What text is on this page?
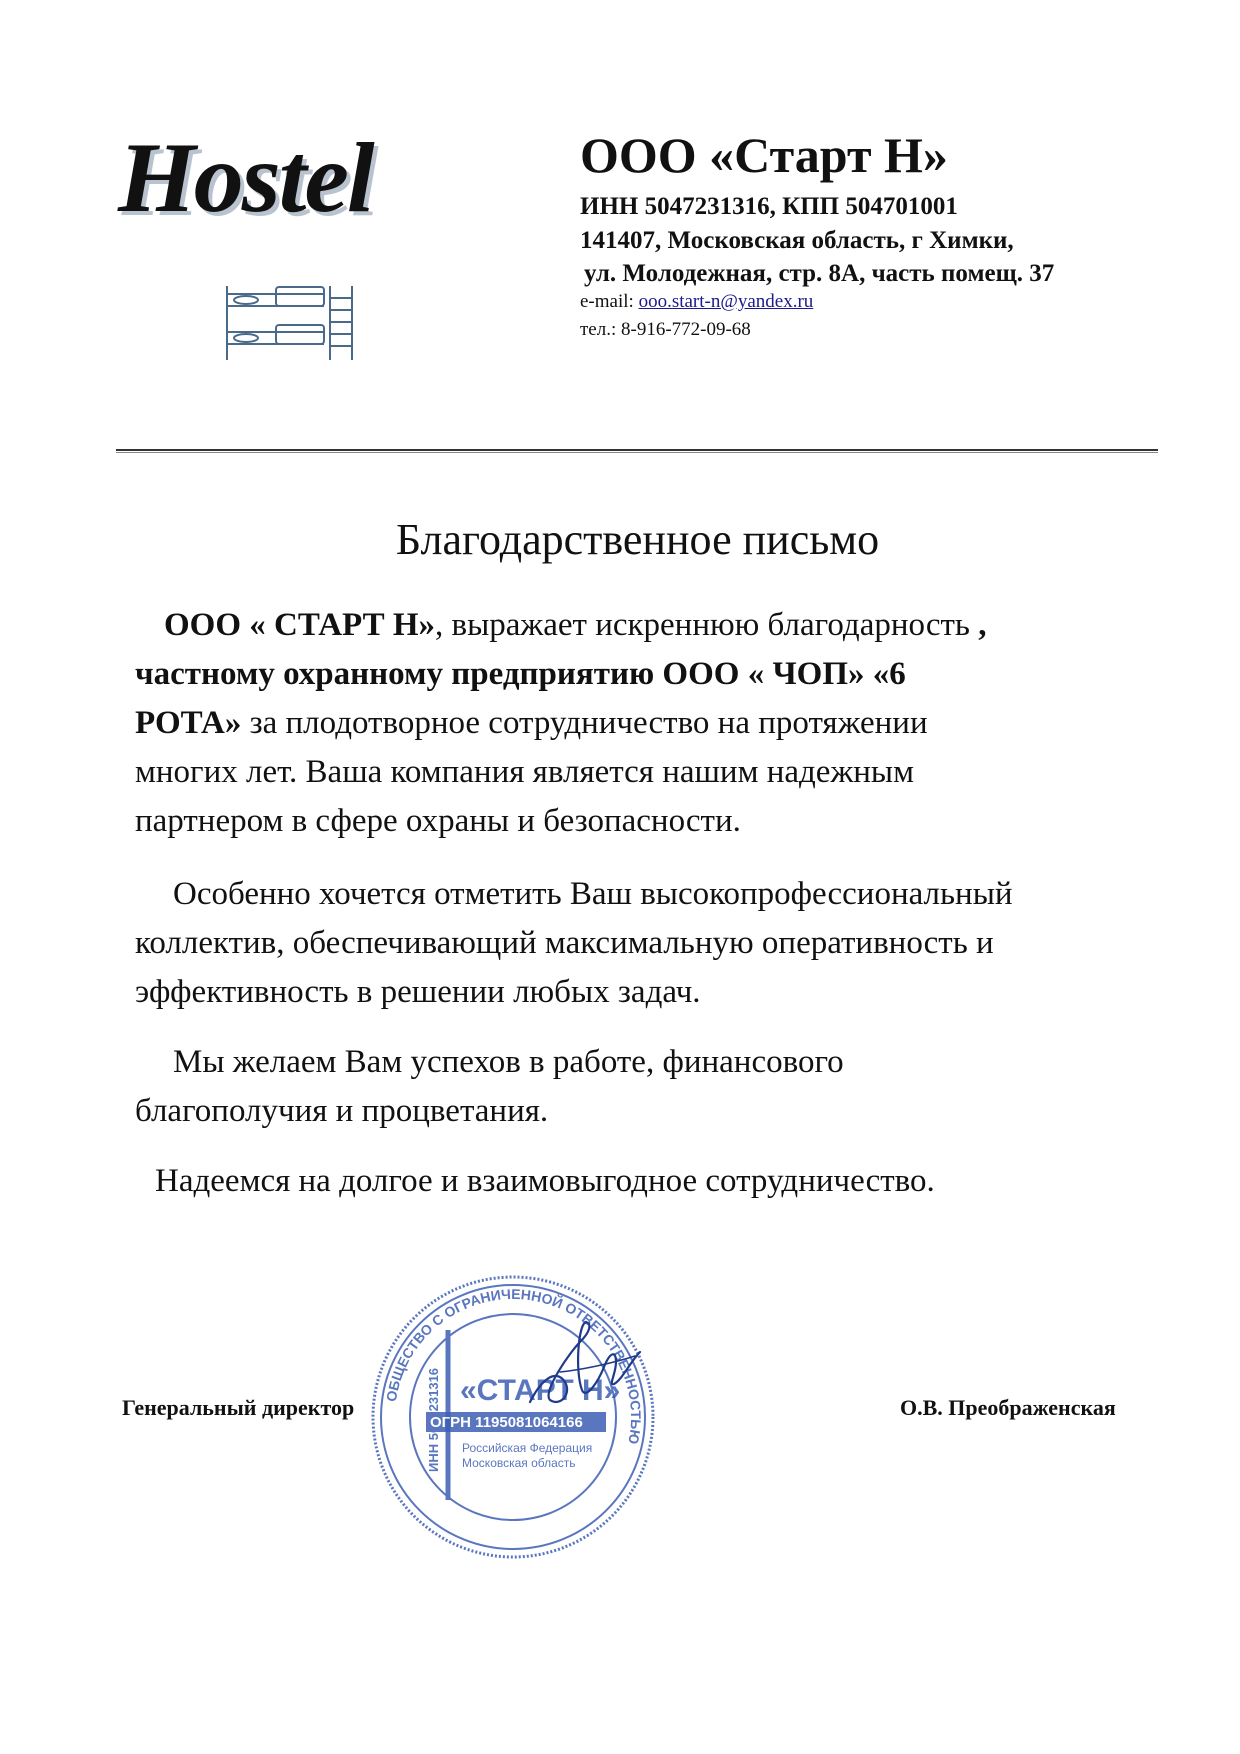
Hostel	ООО «Старт Н»
ИНН 5047231316, КПП 504701001
141407, Московская область, г Химки,
ул. Молодежная, стр. 8А, часть помещ. 37
e-mail: ooo.start-n@yandex.ru
тел.: 8-916-772-09-68
Благодарственное письмо
ООО « СТАРТ Н», выражает искреннюю благодарность ,
частному охранному предприятию ООО « ЧОП» «6
РОТА» за плодотворное сотрудничество на протяжении
многих лет. Ваша компания является нашим надежным
партнером в сфере охраны и безопасности.
Особенно хочется отметить Ваш высокопрофессиональный
коллектив, обеспечивающий максимальную оперативность и
эффективность в решении любых задач.
Мы желаем Вам успехов в работе, финансового
благополучия и процветания.
Надеемся на долгое и взаимовыгодное сотрудничество.
Генеральный директор	О.В. Преображенская
ОБЩЕСТВО С ОГРАНИЧЕННОЙ ОТВЕТСТВЕННОСТЬЮ
«СТАРТ Н»
ОГРН 1195081064166
Российская Федерация
Московская область
